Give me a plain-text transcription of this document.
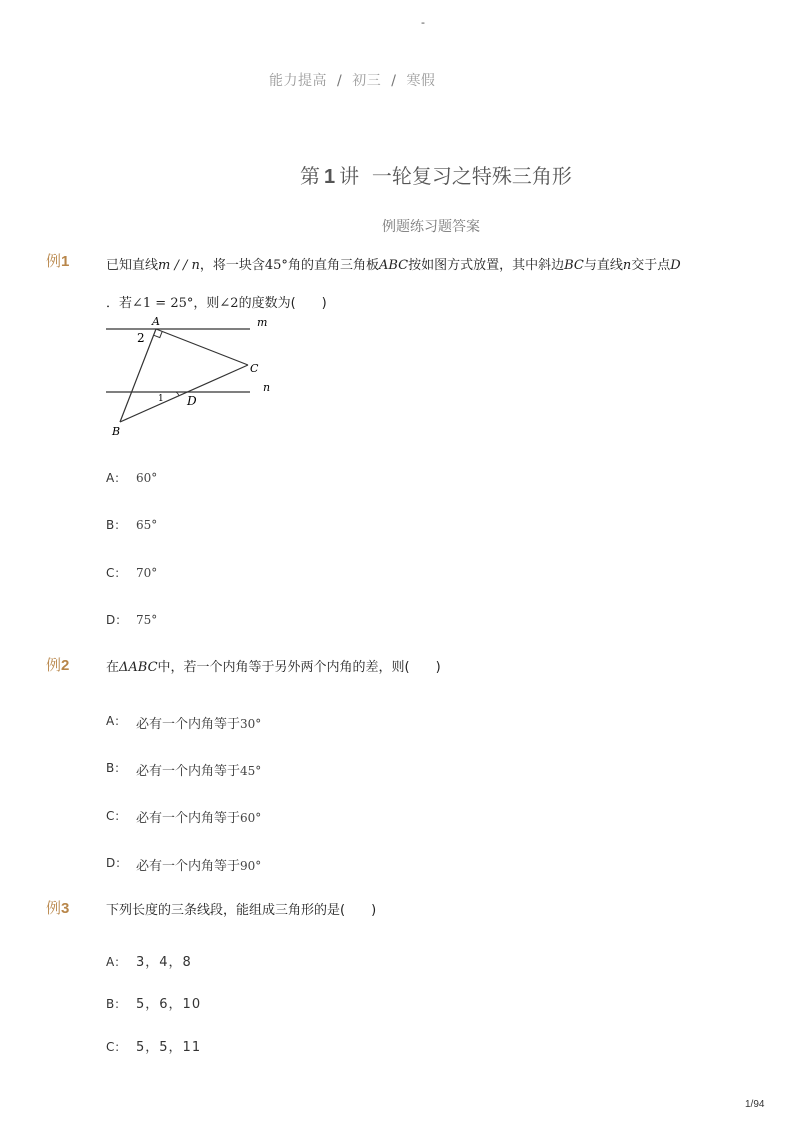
-
能力提高 / 初三 / 寒假
第 1 讲 一轮复习之特殊三角形
例题练习题答案
例1	已知直线m / / n，将一块含45°角的直角三角板ABC按如图方式放置，其中斜边BC与直线n交于点D
．若∠1 = 25°，则∠2的度数为(　　)
A	m
2
C
n
1 D
B
A： 60°
B： 65°
C： 70°
D： 75°
例2	在ΔABC中，若一个内角等于另外两个内角的差，则(　　)
A： 必有一个内角等于30°
B： 必有一个内角等于45°
C： 必有一个内角等于60°
D： 必有一个内角等于90°
例3	下列长度的三条线段，能组成三角形的是(　　)
A： 3，4，8
B： 5，6，10
C： 5，5，11
1/94
